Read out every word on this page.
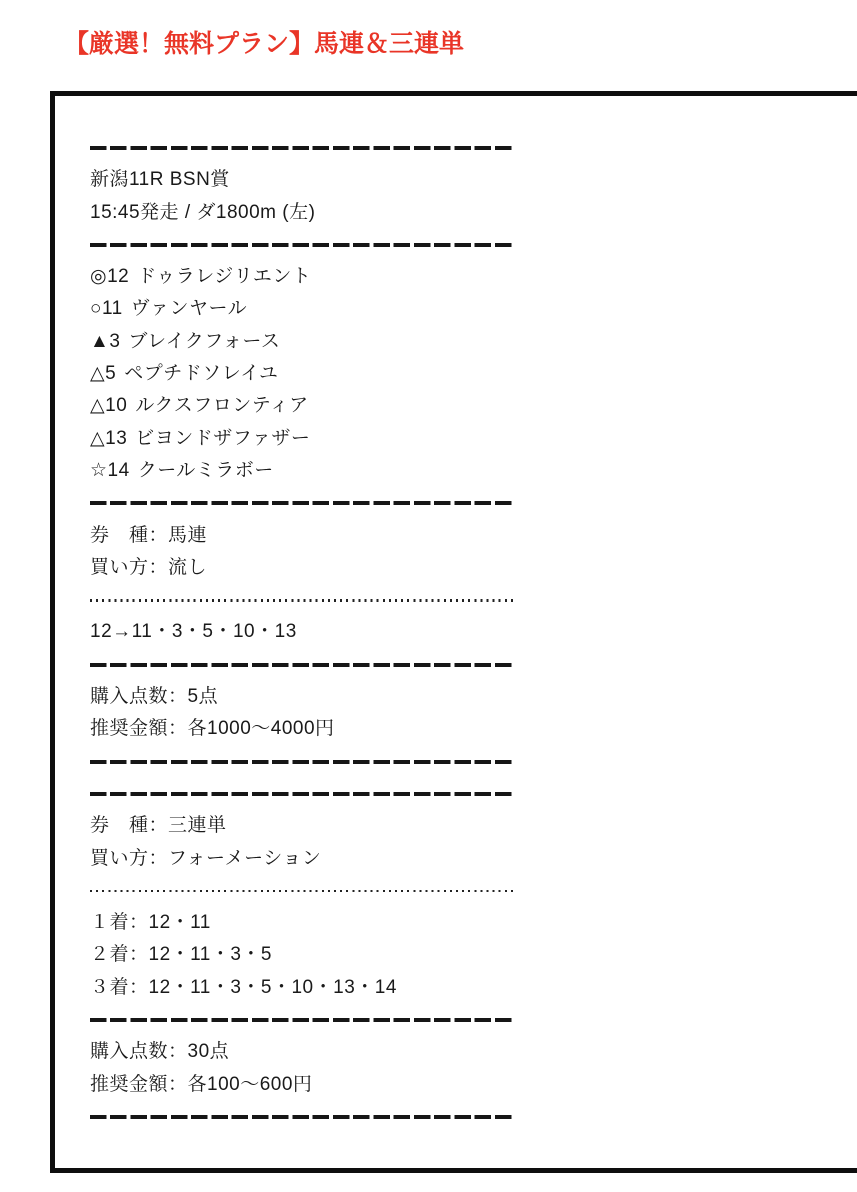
【厳選！無料プラン】馬連＆三連単
新潟11R BSN賞
15:45発走 / ダ1800m (左)
◎12 ドゥラレジリエント
○11 ヴァンヤール
▲3 ブレイクフォース
△5 ペプチドソレイユ
△10 ルクスフロンティア
△13 ビヨンドザファザー
☆14 クールミラボー
券　種：馬連
買い方：流し
12→11・3・5・10・13
購入点数：5点
推奨金額：各1000〜4000円
券　種：三連単
買い方：フォーメーション
１着：12・11
２着：12・11・3・5
３着：12・11・3・5・10・13・14
購入点数：30点
推奨金額：各100〜600円
